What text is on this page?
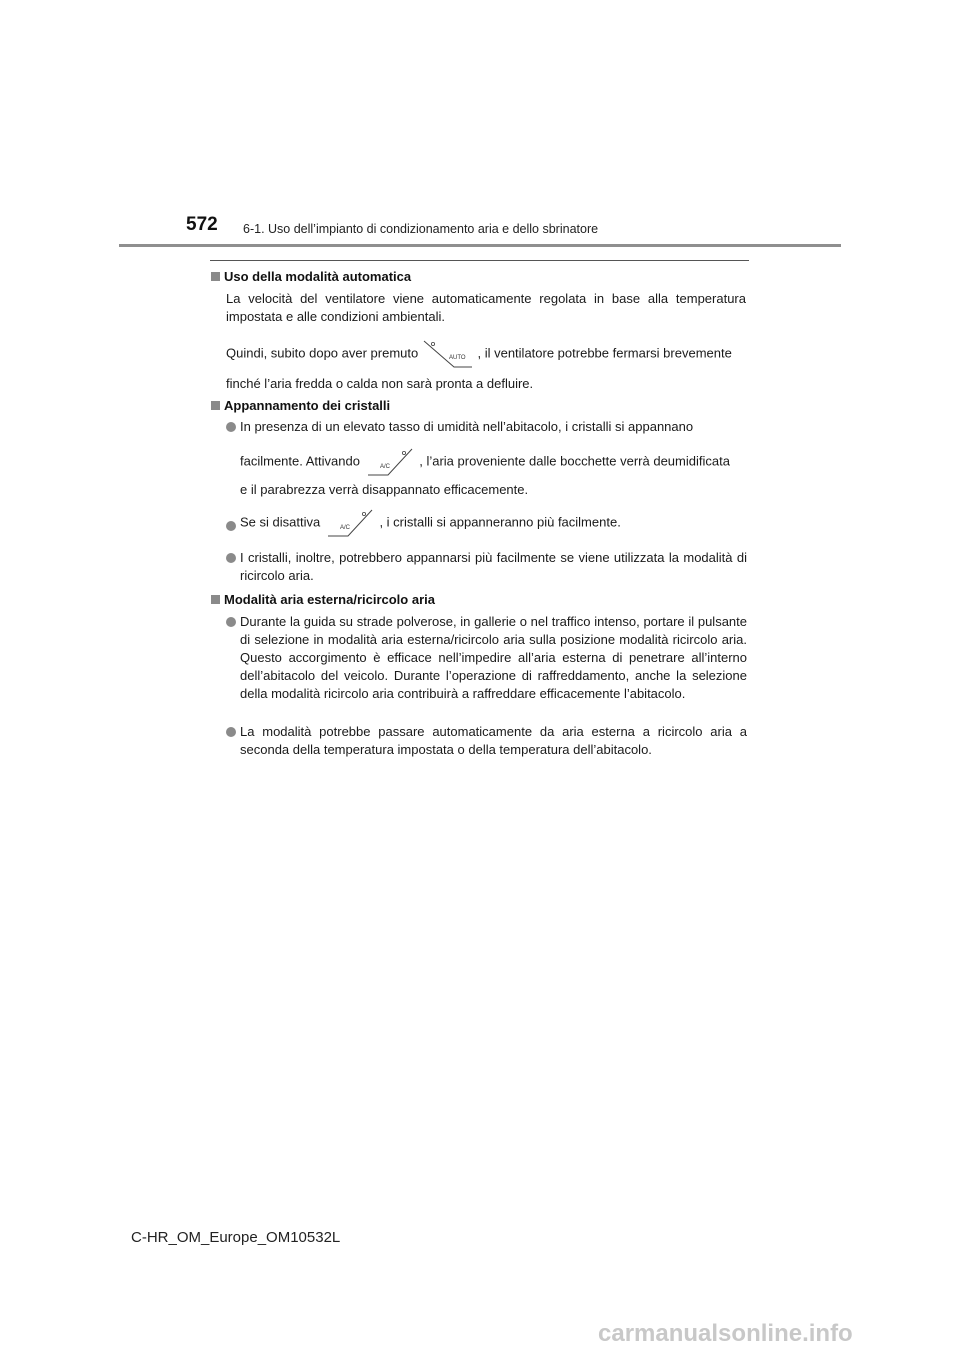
572 6-1. Uso dell’impianto di condizionamento aria e dello sbrinatore
Uso della modalità automatica
La velocità del ventilatore viene automaticamente regolata in base alla temperatura impostata e alle condizioni ambientali.
Quindi, subito dopo aver premuto	AUTO , il ventilatore potrebbe fermarsi brevemente
finché l’aria fredda o calda non sarà pronta a defluire.
Appannamento dei cristalli
In presenza di un elevato tasso di umidità nell’abitacolo, i cristalli si appannano
facilmente. Attivando	A/C , l’aria proveniente dalle bocchette verrà deumidificata
e il parabrezza verrà disappannato efficacemente.
Se si disattiva	A/C , i cristalli si appanneranno più facilmente.
I cristalli, inoltre, potrebbero appannarsi più facilmente se viene utilizzata la modalità di ricircolo aria.
Modalità aria esterna/ricircolo aria
Durante la guida su strade polverose, in gallerie o nel traffico intenso, portare il pulsante di selezione in modalità aria esterna/ricircolo aria sulla posizione modalità ricircolo aria. Questo accorgimento è efficace nell’impedire all’aria esterna di penetrare all’interno dell’abitacolo del veicolo. Durante l’operazione di raffreddamento, anche la selezione della modalità ricircolo aria contribuirà a raffreddare efficacemente l’abitacolo.
La modalità potrebbe passare automaticamente da aria esterna a ricircolo aria a seconda della temperatura impostata o della temperatura dell’abitacolo.
C-HR_OM_Europe_OM10532L
carmanualsonline.info
